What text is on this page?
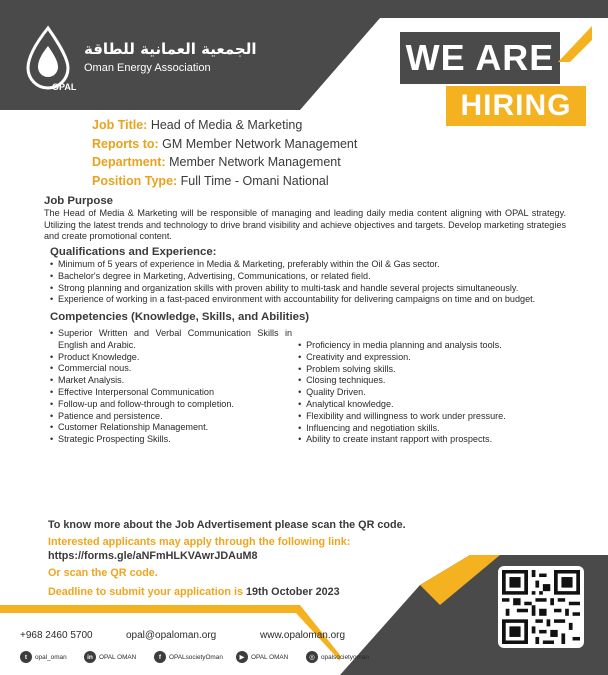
OPAL
الجمعية العمانية للطاقة
Oman Energy Association	WE ARE
HIRING
Job Title: Head of Media & Marketing
Reports to: GM Member Network Management
Department: Member Network Management
Position Type: Full Time - Omani National
Job Purpose
The Head of Media & Marketing will be responsible of managing and leading daily media content aligning with OPAL strategy. Utilizing the latest trends and technology to drive brand visibility and achieve objectives and targets. Develop marketing strategies and create promotional content.
Qualifications and Experience:
• Minimum of 5 years of experience in Media & Marketing, preferably within the Oil & Gas sector.
• Bachelor's degree in Marketing, Advertising, Communications, or related field.
• Strong planning and organization skills with proven ability to multi-task and handle several projects simultaneously.
• Experience of working in a fast-paced environment with accountability for delivering campaigns on time and on budget.
Competencies (Knowledge, Skills, and Abilities)
• Superior Written and Verbal Communication Skills in English and Arabic.
• Product Knowledge.
• Commercial nous.
• Market Analysis.
• Effective Interpersonal Communication
• Follow-up and follow-through to completion.
• Patience and persistence.
• Customer Relationship Management.
• Strategic Prospecting Skills.
• Proficiency in media planning and analysis tools.
• Creativity and expression.
• Problem solving skills.
• Closing techniques.
• Quality Driven.
• Analytical knowledge.
• Flexibility and willingness to work under pressure.
• Influencing and negotiation skills.
• Ability to create instant rapport with prospects.
To know more about the Job Advertisement please scan the QR code.
Interested applicants may apply through the following link:
https://forms.gle/aNFmHLKVAwrJDAuM8
Or scan the QR code.
Deadline to submit your application is 19th October 2023
+968 2460 5700	opal@opaloman.org	www.opaloman.org
t	opal_oman	in OPAL OMAN	f	OPALsocietyOman	▶	OPAL OMAN	◎ opalsocietyoman
